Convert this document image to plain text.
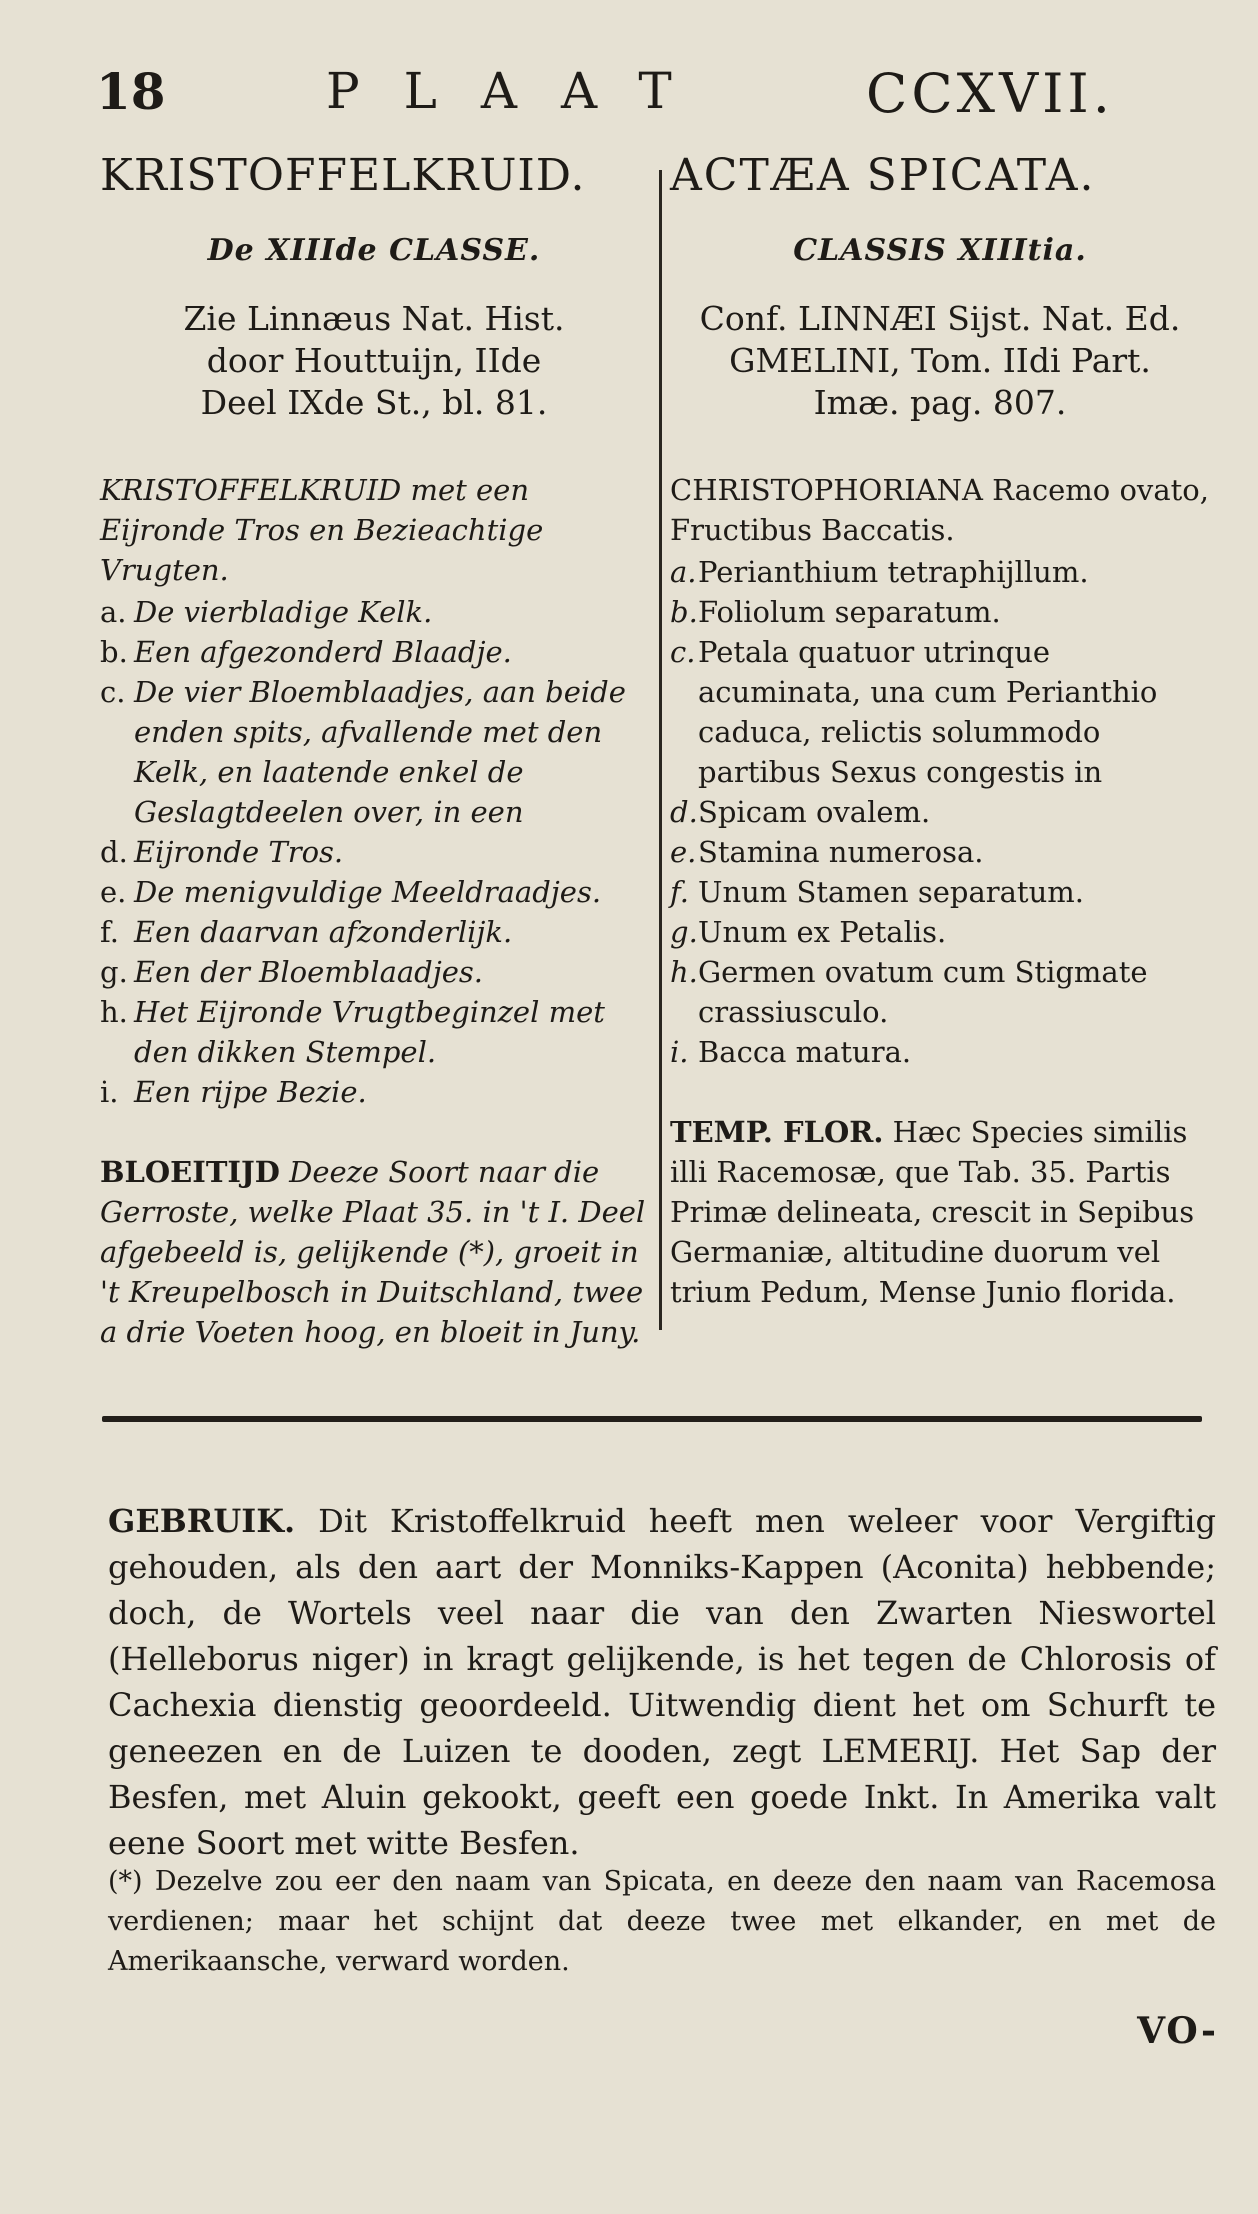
18	PLAAT	CCXVII.
KRISTOFFELKRUID.
De XIIIde CLASSE.
Zie Linnæus Nat. Hist.
door Houttuijn, IIde
Deel IXde St., bl. 81.
KRISTOFFELKRUID met een Eijronde Tros en Bezieachtige Vrugten.
a. De vierbladige Kelk.
b. Een afgezonderd Blaadje.
c. De vier Bloemblaadjes, aan beide enden spits, afvallende met den Kelk, en laatende enkel de Geslagtdeelen over, in een
d. Eijronde Tros.
e. De menigvuldige Meeldraadjes.
f. Een daarvan afzonderlijk.
g. Een der Bloemblaadjes.
h. Het Eijronde Vrugtbeginzel met den dikken Stempel.
i. Een rijpe Bezie.
BLOEITIJD Deeze Soort naar die Gerroste, welke Plaat 35. in 't I. Deel afgebeeld is, gelijkende (*), groeit in 't Kreupelbosch in Duitschland, twee a drie Voeten hoog, en bloeit in Juny.
ACTÆA SPICATA.
CLASSIS XIIItia.
Conf. LINNÆI Sijst. Nat. Ed.
GMELINI, Tom. IIdi Part.
Imæ. pag. 807.
CHRISTOPHORIANA Racemo ovato, Fructibus Baccatis.
a. Perianthium tetraphijllum.
b. Foliolum separatum.
c. Petala quatuor utrinque acuminata, una cum Perianthio caduca, relictis solummodo partibus Sexus congestis in
d. Spicam ovalem.
e. Stamina numerosa.
f. Unum Stamen separatum.
g. Unum ex Petalis.
h. Germen ovatum cum Stigmate crassiusculo.
i. Bacca matura.
TEMP. FLOR. Hæc Species similis illi Racemosæ, que Tab. 35. Partis Primæ delineata, crescit in Sepibus Germaniæ, altitudine duorum vel trium Pedum, Mense Junio florida.
GEBRUIK. Dit Kristoffelkruid heeft men weleer voor Vergiftig gehouden, als den aart der Monniks-Kappen (Aconita) hebbende; doch, de Wortels veel naar die van den Zwarten Nieswortel (Helleborus niger) in kragt gelijkende, is het tegen de Chlorosis of Cachexia dienstig geoordeeld. Uitwendig dient het om Schurft te geneezen en de Luizen te dooden, zegt LEMERIJ. Het Sap der Besfen, met Aluin gekookt, geeft een goede Inkt. In Amerika valt eene Soort met witte Besfen.
(*) Dezelve zou eer den naam van Spicata, en deeze den naam van Racemosa verdienen; maar het schijnt dat deeze twee met elkander, en met de Amerikaansche, verward worden.
VO-
